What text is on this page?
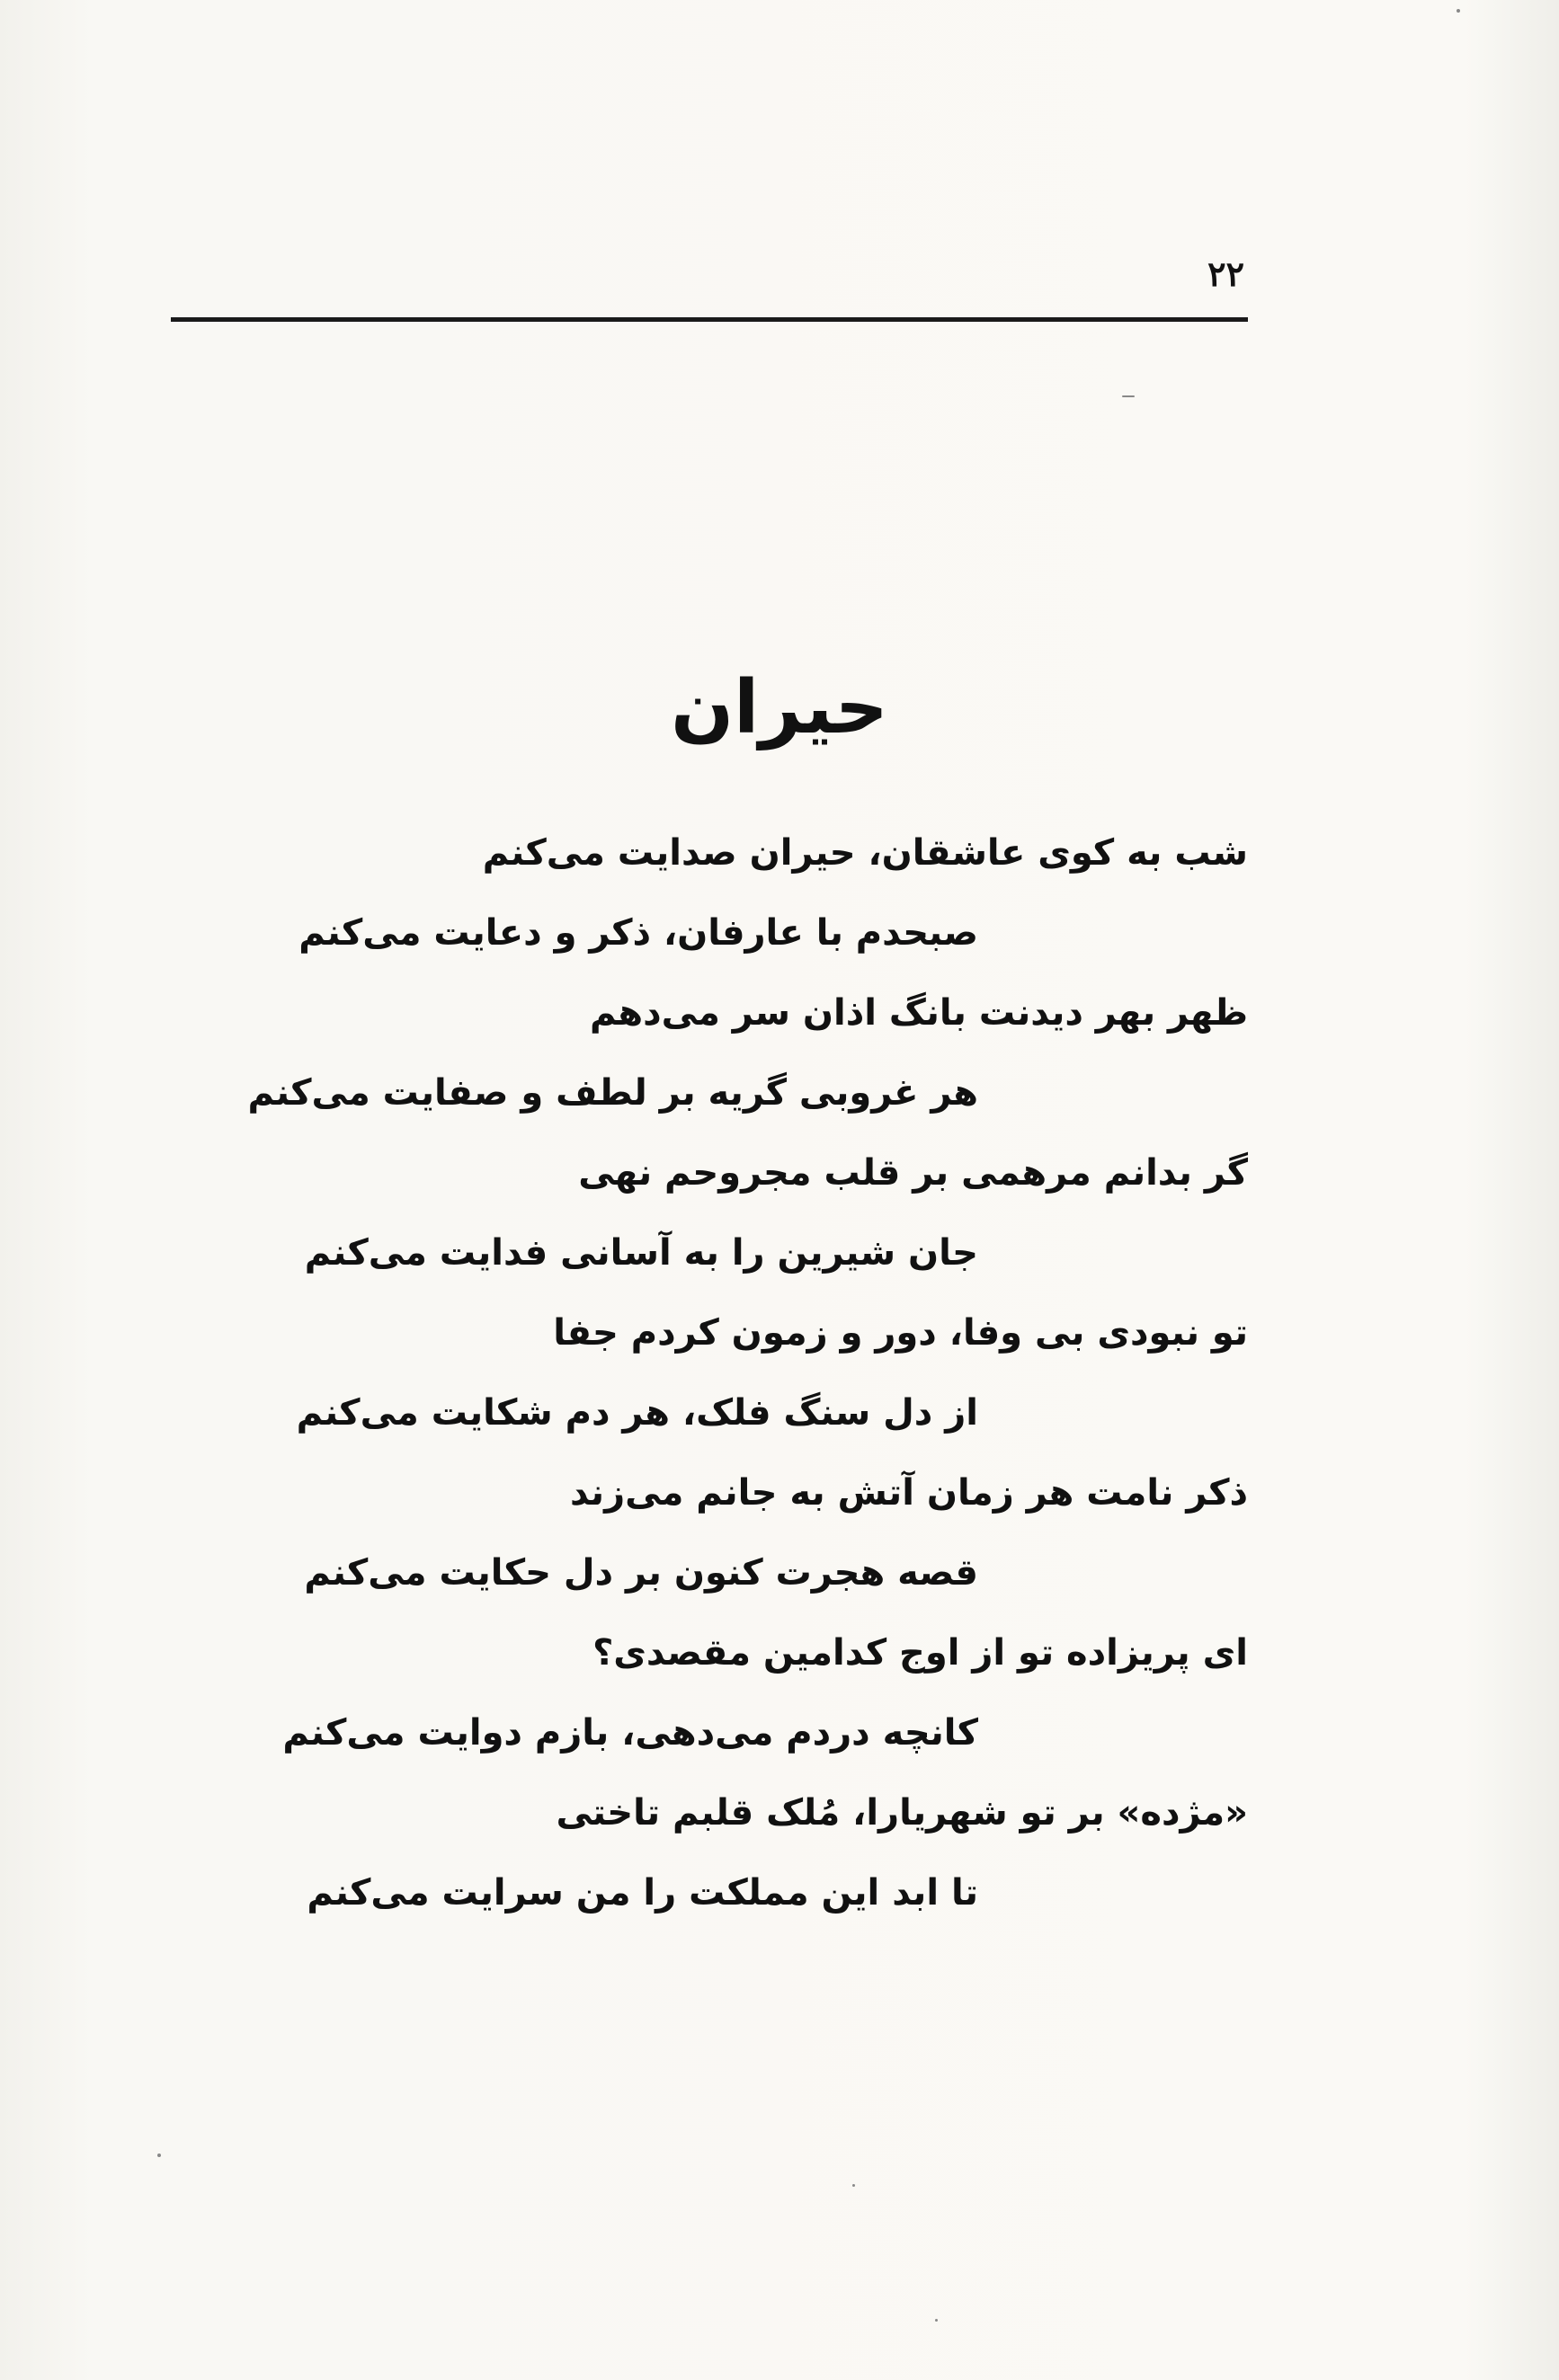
۲۲
حیران
شب به کوی عاشقان، حیران صدایت می‌کنم
صبحدم با عارفان، ذکر و دعایت می‌کنم
ظهر بهر دیدنت بانگ اذان سر می‌دهم
هر غروبی گریه بر لطف و صفایت می‌کنم
گر بدانم مرهمی بر قلب مجروحم نهی
جان شیرین را به آسانی فدایت می‌کنم
تو نبودی بی وفا، دور و زمون کردم جفا
از دل سنگ فلک، هر دم شکایت می‌کنم
ذکر نامت هر زمان آتش به جانم می‌زند
قصه هجرت کنون بر دل حکایت می‌کنم
ای پریزاده تو از اوج کدامین مقصدی؟
کانچه دردم می‌دهی، بازم دوایت می‌کنم
«مژده» بر تو شهریارا، مُلک قلبم تاختی
تا ابد این مملکت را من سرایت می‌کنم
